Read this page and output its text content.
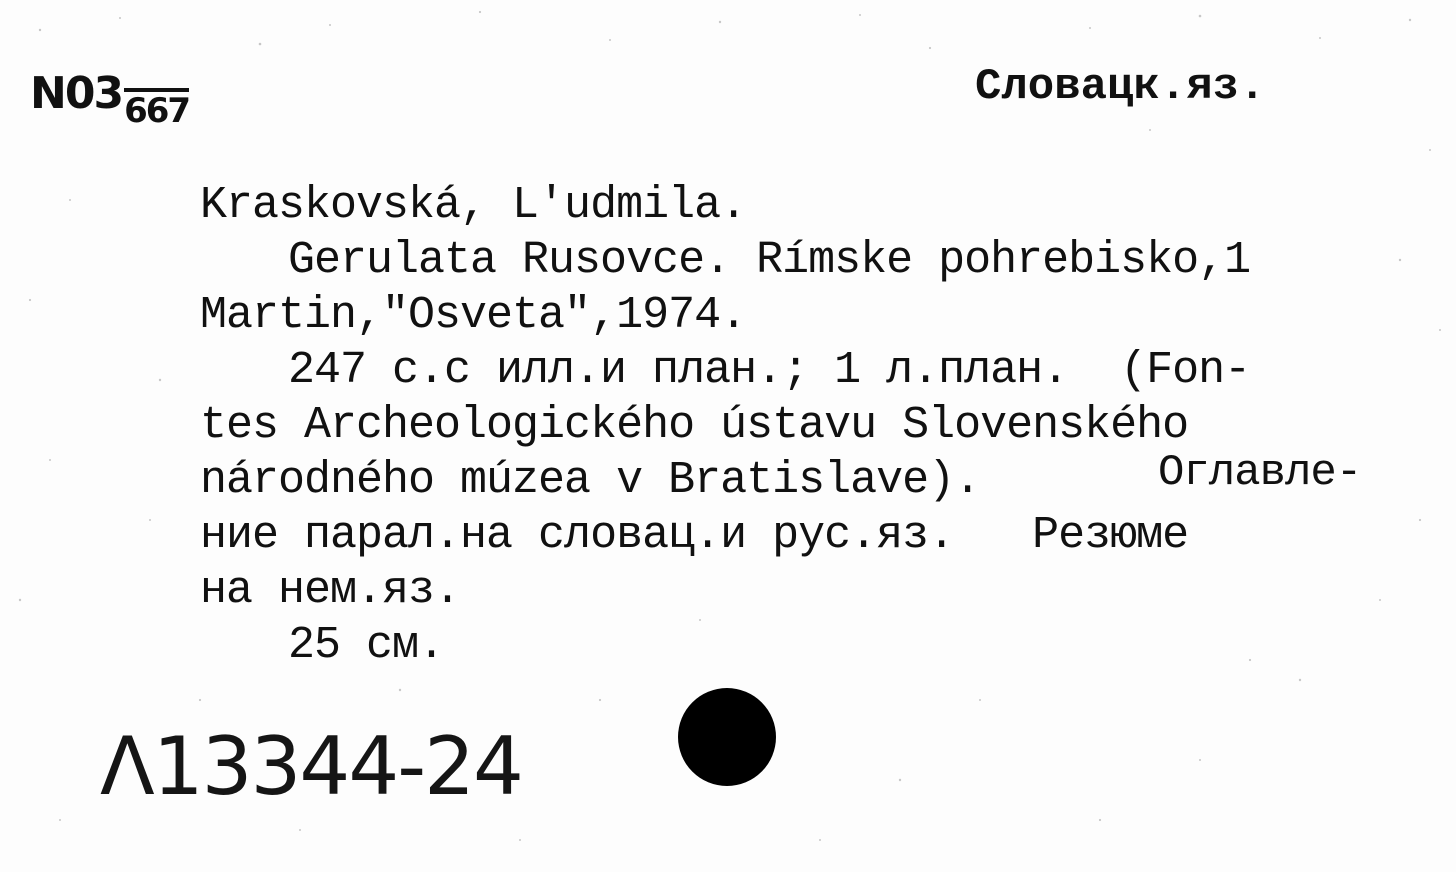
N03667	Словацк.яз.
Kraskovská, L'udmila.
Gerulata Rusovce. Rímske pohrebisko,1
Martin,"Osveta",1974.
247 с.с илл.и план.; 1 л.план.  (Fon-
tes Archeologického ústavu Slovenského
národného múzea v Bratislave).
ние парал.на словац.и рус.яз.   Резюме
на нем.яз.
25 см.
Оглавле-
Λ13344-24
